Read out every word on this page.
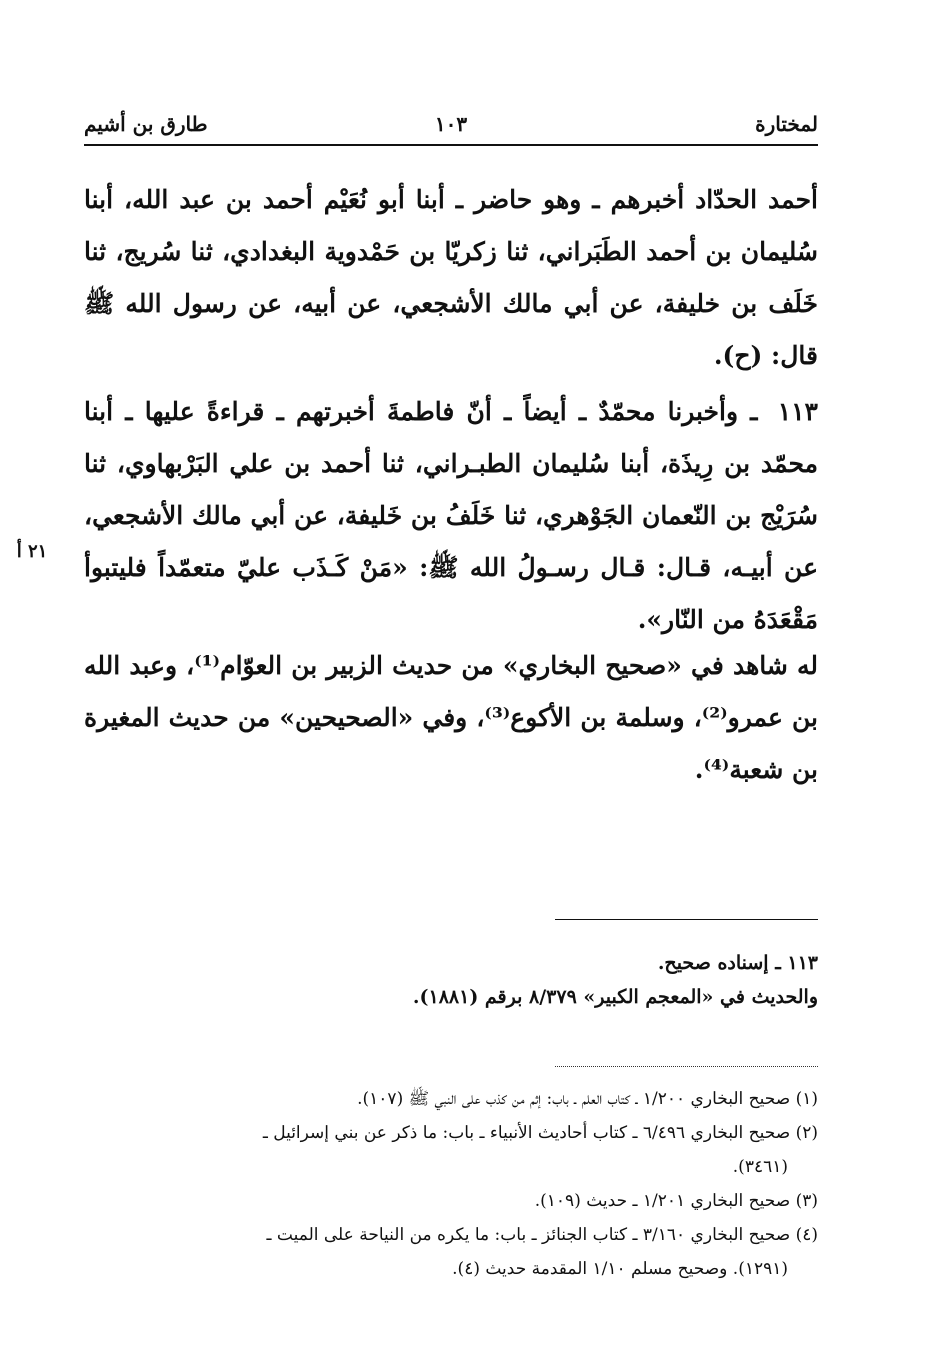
لمختارة
١٠٣
طارق بن أشيم
أحمد الحدّاد أخبرهم ـ وهو حاضر ـ أبنا أبو نُعَيْم أحمد بن عبد الله، أبنا سُليمان بن أحمد الطَبَراني، ثنا زكريّا بن حَمْدوية البغدادي، ثنا سُريج، ثنا خَلَف بن خليفة، عن أبي مالك الأشجعي، عن أبيه، عن رسول الله ﷺ قال: (ح).
١١٣ ـ وأخبرنا محمّدٌ ـ أيضاً ـ أنّ فاطمةَ أخبرتهم ـ قراءةً عليها ـ أبنا محمّد بن رِيذَة، أبنا سُليمان الطبـراني، ثنا أحمد بن علي البَرْبهاوي، ثنا سُرَيْج بن النّعمان الجَوْهري، ثنا خَلَفُ بن خَليفة، عن أبي مالك الأشجعي، عن أبيـه، قـال: قـال رسـولُ الله ﷺ: «مَنْ كَـذَب عليّ متعمّداً فليتبوأ مَقْعَدَهُ من النّار».
٢١ أ
له شاهد في «صحيح البخاري» من حديث الزبير بن العوّام⁽¹⁾، وعبد الله بن عمرو⁽²⁾، وسلمة بن الأكوع⁽³⁾، وفي «الصحيحين» من حديث المغيرة بن شعبة⁽⁴⁾.
١١٣ ـ إسناده صحيح.
والحديث في «المعجم الكبير» ٨/٣٧٩ برقم (١٨٨١).
(١) صحيح البخاري ١/٢٠٠ ـ كتاب العلم ـ باب: إثم من كذب على النبي ﷺ (١٠٧).
(٢) صحيح البخاري ٦/٤٩٦ ـ كتاب أحاديث الأنبياء ـ باب: ما ذكر عن بني إسرائيل ـ
(٣٤٦١).
(٣) صحيح البخاري ١/٢٠١ ـ حديث (١٠٩).
(٤) صحيح البخاري ٣/١٦٠ ـ كتاب الجنائز ـ باب: ما يكره من النياحة على الميت ـ
(١٢٩١). وصحيح مسلم ١/١٠ المقدمة حديث (٤).
